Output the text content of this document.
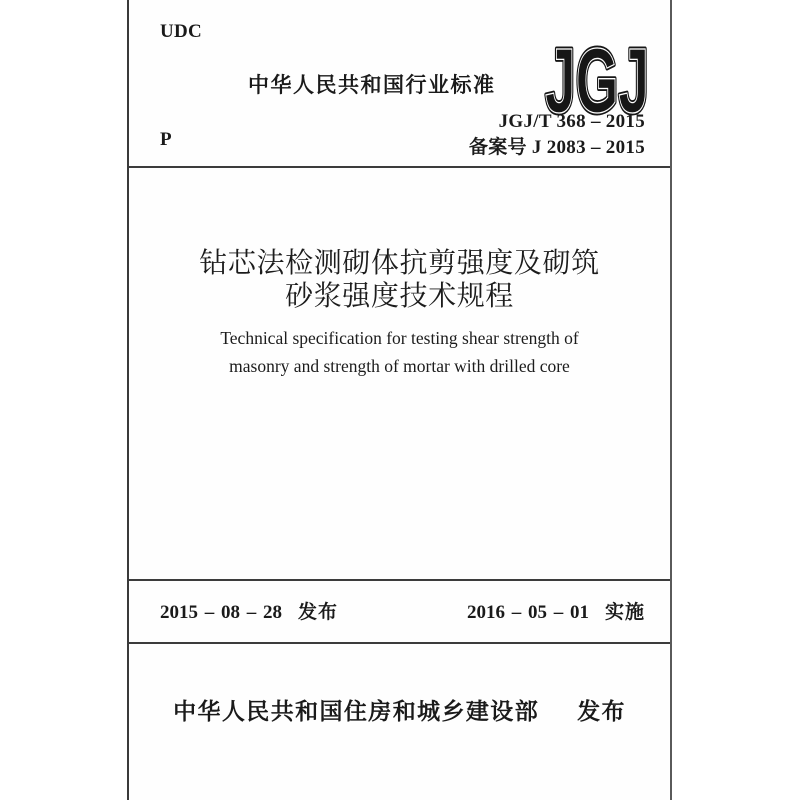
UDC
中华人民共和国行业标准 JGJ
JGJ
P
JGJ/T 368 – 2015
备案号 J 2083 – 2015
钻芯法检测砌体抗剪强度及砌筑
砂浆强度技术规程
Technical specification for testing shear strength of
masonry and strength of mortar with drilled core
2015 – 08 – 28 发布	2016 – 05 – 01 实施
中华人民共和国住房和城乡建设部 发布
